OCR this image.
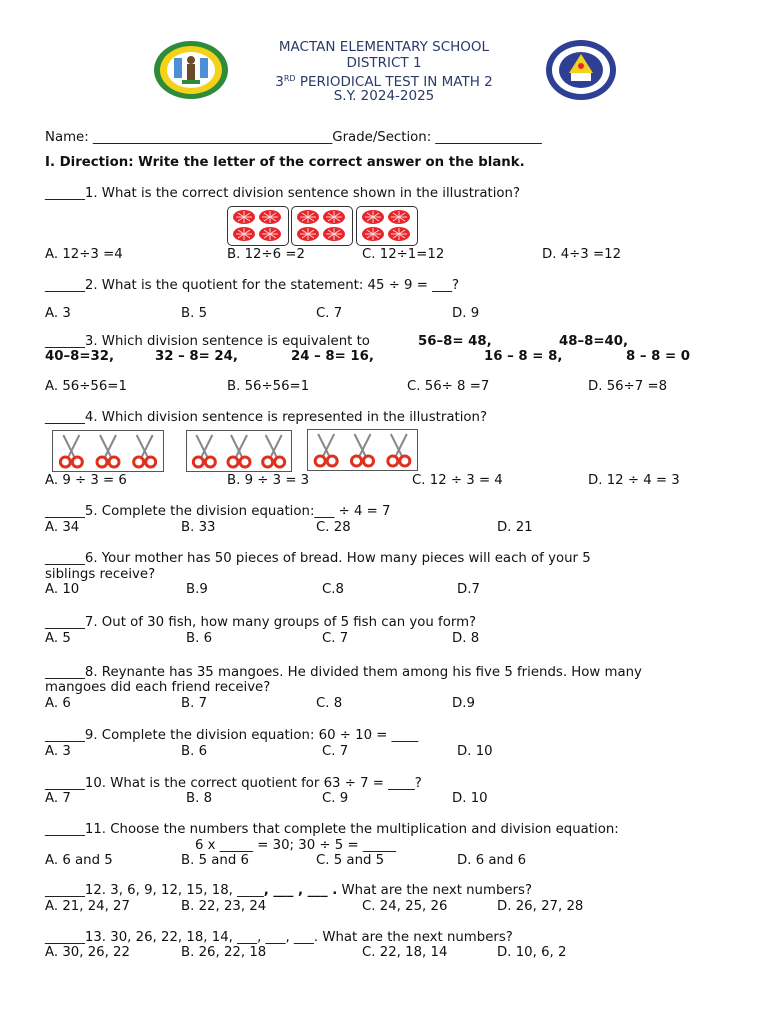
MACTAN ELEMENTARY SCHOOL
DISTRICT 1
3RD PERIODICAL TEST IN MATH 2
S.Y. 2024-2025
Name: ____________________________________Grade/Section: ________________
I. Direction: Write the letter of the correct answer on the blank.
______1. What is the correct division sentence shown in the illustration?
A. 12÷3 =4	B. 12÷6 =2	C. 12÷1=12	D. 4÷3 =12
______2. What is the quotient for the statement: 45 ÷ 9 = ___?
A. 3	B. 5	C. 7	D. 9
______3. Which division sentence is equivalent to	56–8= 48,	48–8=40,
40–8=32,	32 – 8= 24,	24 – 8= 16,	16 – 8 = 8,	8 – 8 = 0
A. 56÷56=1	B. 56÷56=1	C. 56÷ 8 =7	D. 56÷7 =8
______4. Which division sentence is represented in the illustration?
A. 9 ÷ 3 = 6	B. 9 ÷ 3 = 3	C. 12 ÷ 3 = 4	D. 12 ÷ 4 = 3
______5. Complete the division equation:___ ÷ 4 = 7
A. 34	B. 33	C. 28	D. 21
______6. Your mother has 50 pieces of bread. How many pieces will each of your 5
siblings receive?
A. 10	B.9	C.8	D.7
______7. Out of 30 fish, how many groups of 5 fish can you form?
A. 5	B. 6	C. 7	D. 8
______8. Reynante has 35 mangoes. He divided them among his five 5 friends. How many
mangoes did each friend receive?
A. 6	B. 7	C. 8	D.9
______9. Complete the division equation: 60 ÷ 10 = ____
A. 3	B. 6	C. 7	D. 10
______10. What is the correct quotient for 63 ÷ 7 = ____?
A. 7	B. 8	C. 9	D. 10
______11. Choose the numbers that complete the multiplication and division equation:
6 x _____ = 30; 30 ÷ 5 = _____
A. 6 and 5	B. 5 and 6	C. 5 and 5	D. 6 and 6
______12. 3, 6, 9, 12, 15, 18, ____, ___ , ___ . What are the next numbers?
A. 21, 24, 27	B. 22, 23, 24	C. 24, 25, 26	D. 26, 27, 28
______13. 30, 26, 22, 18, 14, ___, ___, ___. What are the next numbers?
A. 30, 26, 22	B. 26, 22, 18	C. 22, 18, 14	D. 10, 6, 2
